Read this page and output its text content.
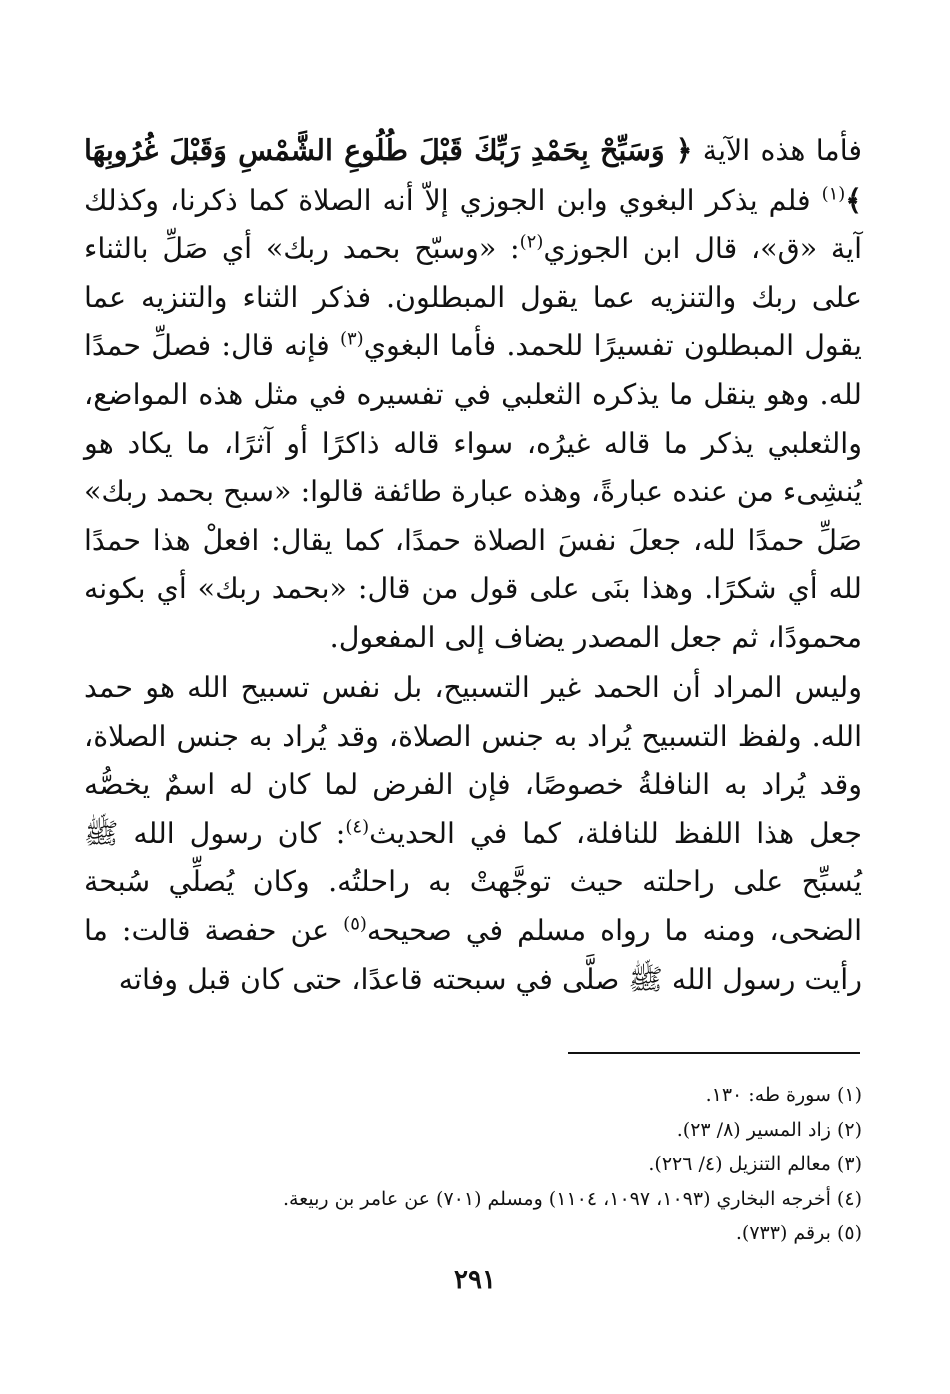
فأما هذه الآية ﴿ وَسَبِّحْ بِحَمْدِ رَبِّكَ قَبْلَ طُلُوعِ الشَّمْسِ وَقَبْلَ غُرُوبِهَا ﴾$^{(١)}$ فلم يذكر البغوي وابن الجوزي إلاّ أنه الصلاة كما ذكرنا، وكذلك آية «ق»، قال ابن الجوزي$^{(٢)}$: «وسبّح بحمد ربك» أي صَلِّ بالثناء على ربك والتنزيه عما يقول المبطلون. فذكر الثناء والتنزيه عما يقول المبطلون تفسيرًا للحمد. فأما البغوي$^{(٣)}$ فإنه قال: فصلِّ حمدًا لله. وهو ينقل ما يذكره الثعلبي في تفسيره في مثل هذه المواضع، والثعلبي يذكر ما قاله غيرُه، سواء قاله ذاكرًا أو آثرًا، ما يكاد هو يُنشِىء من عنده عبارةً، وهذه عبارة طائفة قالوا: «سبح بحمد ربك» صَلِّ حمدًا لله، جعلَ نفسَ الصلاة حمدًا، كما يقال: افعلْ هذا حمدًا لله أي شكرًا. وهذا بنَى على قول من قال: «بحمد ربك» أي بكونه محمودًا، ثم جعل المصدر يضاف إلى المفعول.

وليس المراد أن الحمد غير التسبيح، بل نفس تسبيح الله هو حمد الله. ولفظ التسبيح يُراد به جنس الصلاة، وقد يُراد به جنس الصلاة، وقد يُراد به النافلةُ خصوصًا، فإن الفرض لما كان له اسمٌ يخصُّه جعل هذا اللفظ للنافلة، كما في الحديث$^{(٤)}$: كان رسول الله ﷺ يُسبِّح على راحلته حيث توجَّهتْ به راحلتُه. وكان يُصلِّي سُبحة الضحى، ومنه ما رواه مسلم في صحيحه$^{(٥)}$ عن حفصة قالت: ما رأيت رسول الله ﷺ صلَّى في سبحته قاعدًا، حتى كان قبل وفاته

(١) سورة طه: ١٣٠.
(٢) زاد المسير (٨/ ٢٣).
(٣) معالم التنزيل (٤/ ٢٢٦).
(٤) أخرجه البخاري (١٠٩٣، ١٠٩٧، ١١٠٤) ومسلم (٧٠١) عن عامر بن ربيعة.
(٥) برقم (٧٣٣).
٢٩١
